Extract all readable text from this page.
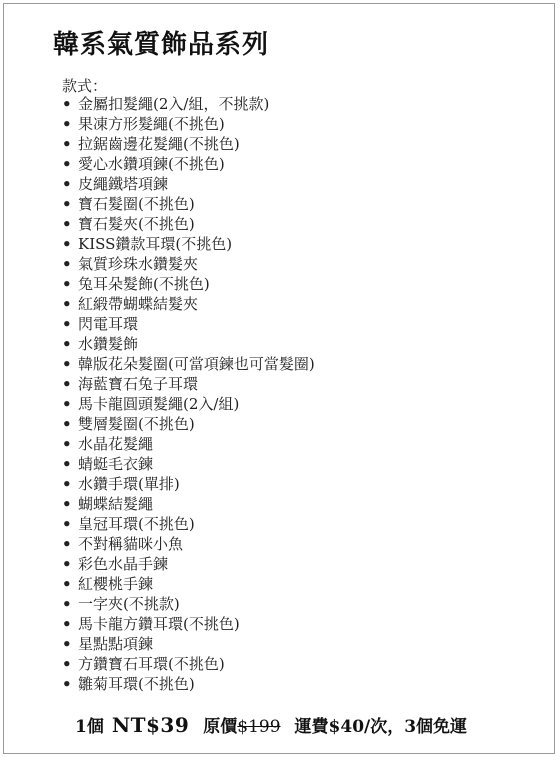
韓系氣質飾品系列
款式：
• 金屬扣髮繩(2入/組，不挑款)
• 果凍方形髮繩(不挑色)
• 拉鋸齒邊花髮繩(不挑色)
• 愛心水鑽項鍊(不挑色)
• 皮繩鐵塔項鍊
• 寶石髮圈(不挑色)
• 寶石髮夾(不挑色)
• KISS鑽款耳環(不挑色)
• 氣質珍珠水鑽髮夾
• 兔耳朵髮飾(不挑色)
• 紅緞帶蝴蝶結髮夾
• 閃電耳環
• 水鑽髮飾
• 韓版花朵髮圈(可當項鍊也可當髮圈)
• 海藍寶石兔子耳環
• 馬卡龍圓頭髮繩(2入/組)
• 雙層髮圈(不挑色)
• 水晶花髮繩
• 蜻蜓毛衣鍊
• 水鑽手環(單排)
• 蝴蝶結髮繩
• 皇冠耳環(不挑色)
• 不對稱貓咪小魚
• 彩色水晶手鍊
• 紅櫻桃手鍊
• 一字夾(不挑款)
• 馬卡龍方鑽耳環(不挑色)
• 星點點項鍊
• 方鑽寶石耳環(不挑色)
• 雛菊耳環(不挑色)
1個 NT$39 原價$199 運費$40/次，3個免運
